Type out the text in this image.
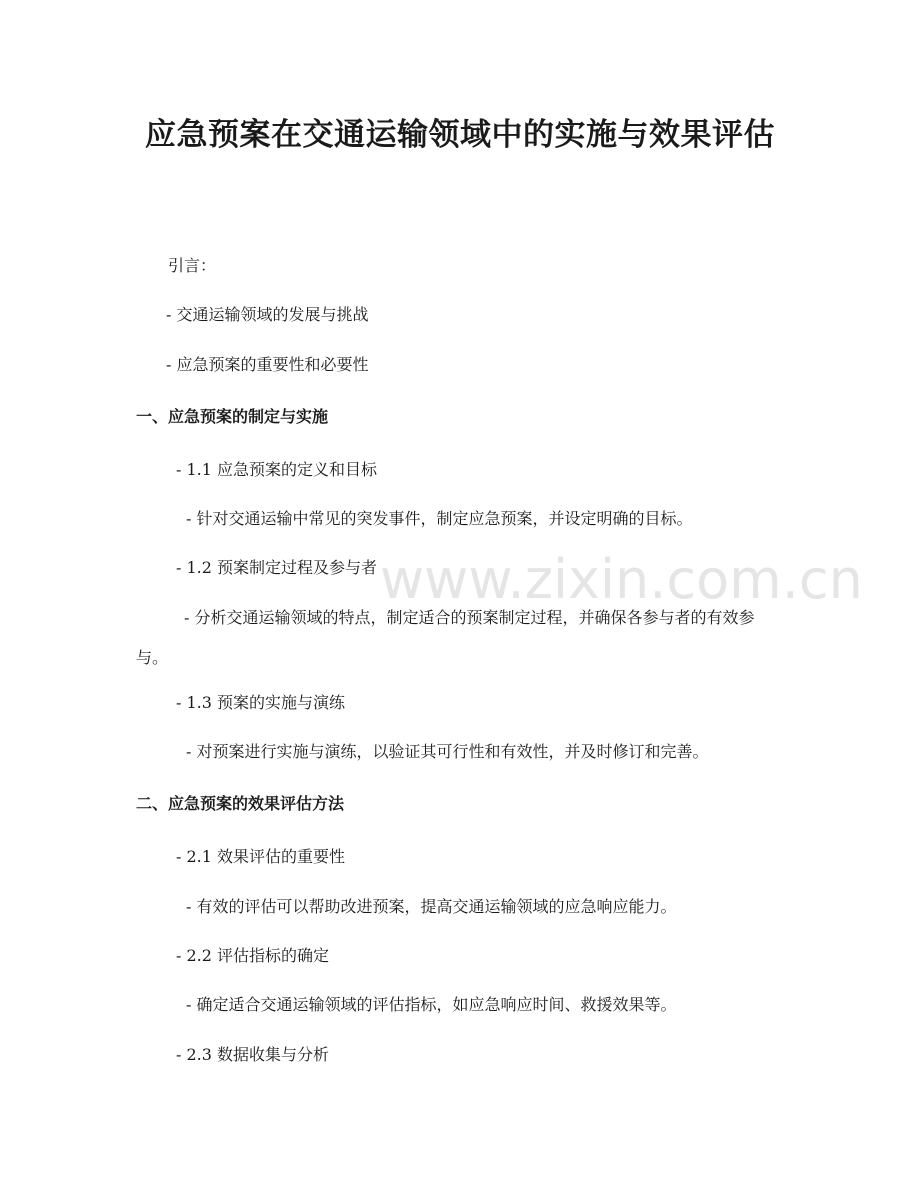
应急预案在交通运输领域中的实施与效果评估

引言：

- 交通运输领域的发展与挑战

- 应急预案的重要性和必要性

一、应急预案的制定与实施

- 1.1 应急预案的定义和目标

- 针对交通运输中常见的突发事件，制定应急预案，并设定明确的目标。

- 1.2 预案制定过程及参与者

- 分析交通运输领域的特点，制定适合的预案制定过程，并确保各参与者的有效参与。

- 1.3 预案的实施与演练

- 对预案进行实施与演练，以验证其可行性和有效性，并及时修订和完善。

二、应急预案的效果评估方法

- 2.1 效果评估的重要性

- 有效的评估可以帮助改进预案，提高交通运输领域的应急响应能力。

- 2.2 评估指标的确定

- 确定适合交通运输领域的评估指标，如应急响应时间、救援效果等。

- 2.3 数据收集与分析

www.zixin.com.cn
